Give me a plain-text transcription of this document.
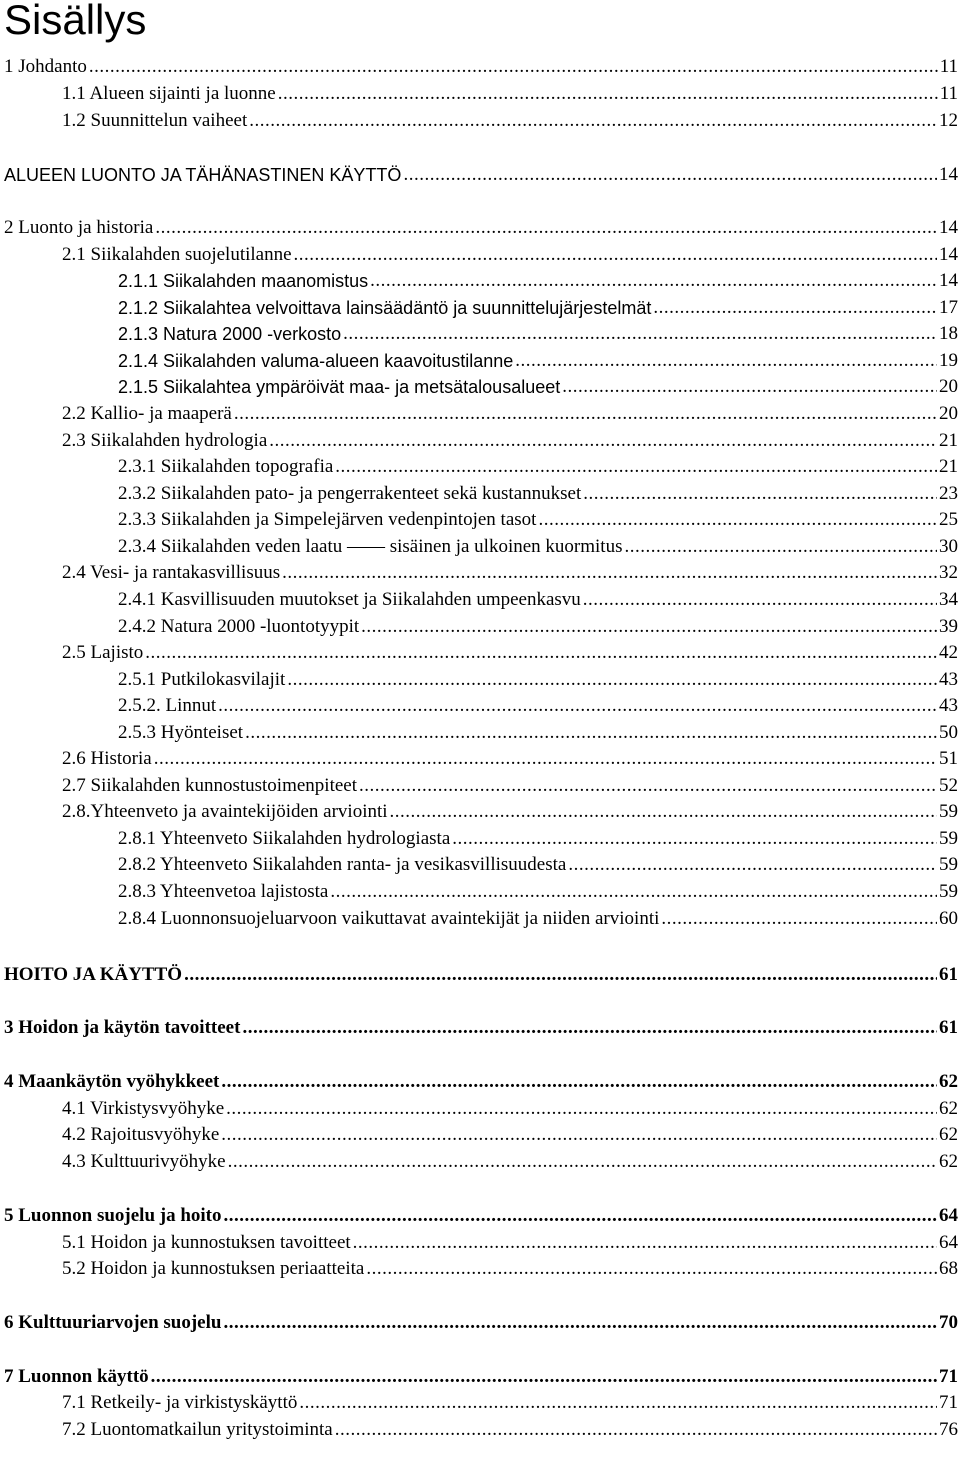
Sisällys
1 Johdanto .....	11
1.1 Alueen sijainti ja luonne .....	11
1.2 Suunnittelun vaiheet .....	12
ALUEEN LUONTO JA TÄHÄNASTINEN KÄYTTÖ .....	14
2 Luonto ja historia .....	14
2.1 Siikalahden suojelutilanne .....	14
2.1.1 Siikalahden maanomistus .....	14
2.1.2 Siikalahtea velvoittava lainsäädäntö ja suunnittelujärjestelmät .....	17
2.1.3 Natura 2000 -verkosto .....	18
2.1.4 Siikalahden valuma-alueen kaavoitustilanne .....	19
2.1.5 Siikalahtea ympäröivät maa- ja metsätalousalueet .....	20
2.2 Kallio- ja maaperä .....	20
2.3 Siikalahden hydrologia .....	21
2.3.1 Siikalahden topografia .....	21
2.3.2 Siikalahden pato- ja pengerrakenteet sekä kustannukset .....	23
2.3.3 Siikalahden ja Simpelejärven vedenpintojen tasot .....	25
2.3.4 Siikalahden veden laatu —— sisäinen ja ulkoinen kuormitus .....	30
2.4 Vesi- ja rantakasvillisuus .....	32
2.4.1 Kasvillisuuden muutokset ja Siikalahden umpeenkasvu .....	34
2.4.2 Natura 2000 -luontotyypit .....	39
2.5 Lajisto .....	42
2.5.1 Putkilokasvilajit .....	43
2.5.2. Linnut .....	43
2.5.3 Hyönteiset .....	50
2.6 Historia .....	51
2.7 Siikalahden kunnostustoimenpiteet .....	52
2.8.Yhteenveto ja avaintekijöiden arviointi .....	59
2.8.1 Yhteenveto Siikalahden hydrologiasta .....	59
2.8.2 Yhteenveto Siikalahden ranta- ja vesikasvillisuudesta .....	59
2.8.3 Yhteenvetoa lajistosta .....	59
2.8.4 Luonnonsuojeluarvoon vaikuttavat avaintekijät ja niiden arviointi .....	60
HOITO JA KÄYTTÖ .....	61
3 Hoidon ja käytön tavoitteet .....	61
4 Maankäytön vyöhykkeet .....	62
4.1 Virkistysvyöhyke .....	62
4.2 Rajoitusvyöhyke .....	62
4.3 Kulttuurivyöhyke .....	62
5 Luonnon suojelu ja hoito .....	64
5.1 Hoidon ja kunnostuksen tavoitteet .....	64
5.2 Hoidon ja kunnostuksen periaatteita .....	68
6 Kulttuuriarvojen suojelu .....	70
7 Luonnon käyttö .....	71
7.1 Retkeily- ja virkistyskäyttö .....	71
7.2 Luontomatkailun yritystoiminta .....	76
